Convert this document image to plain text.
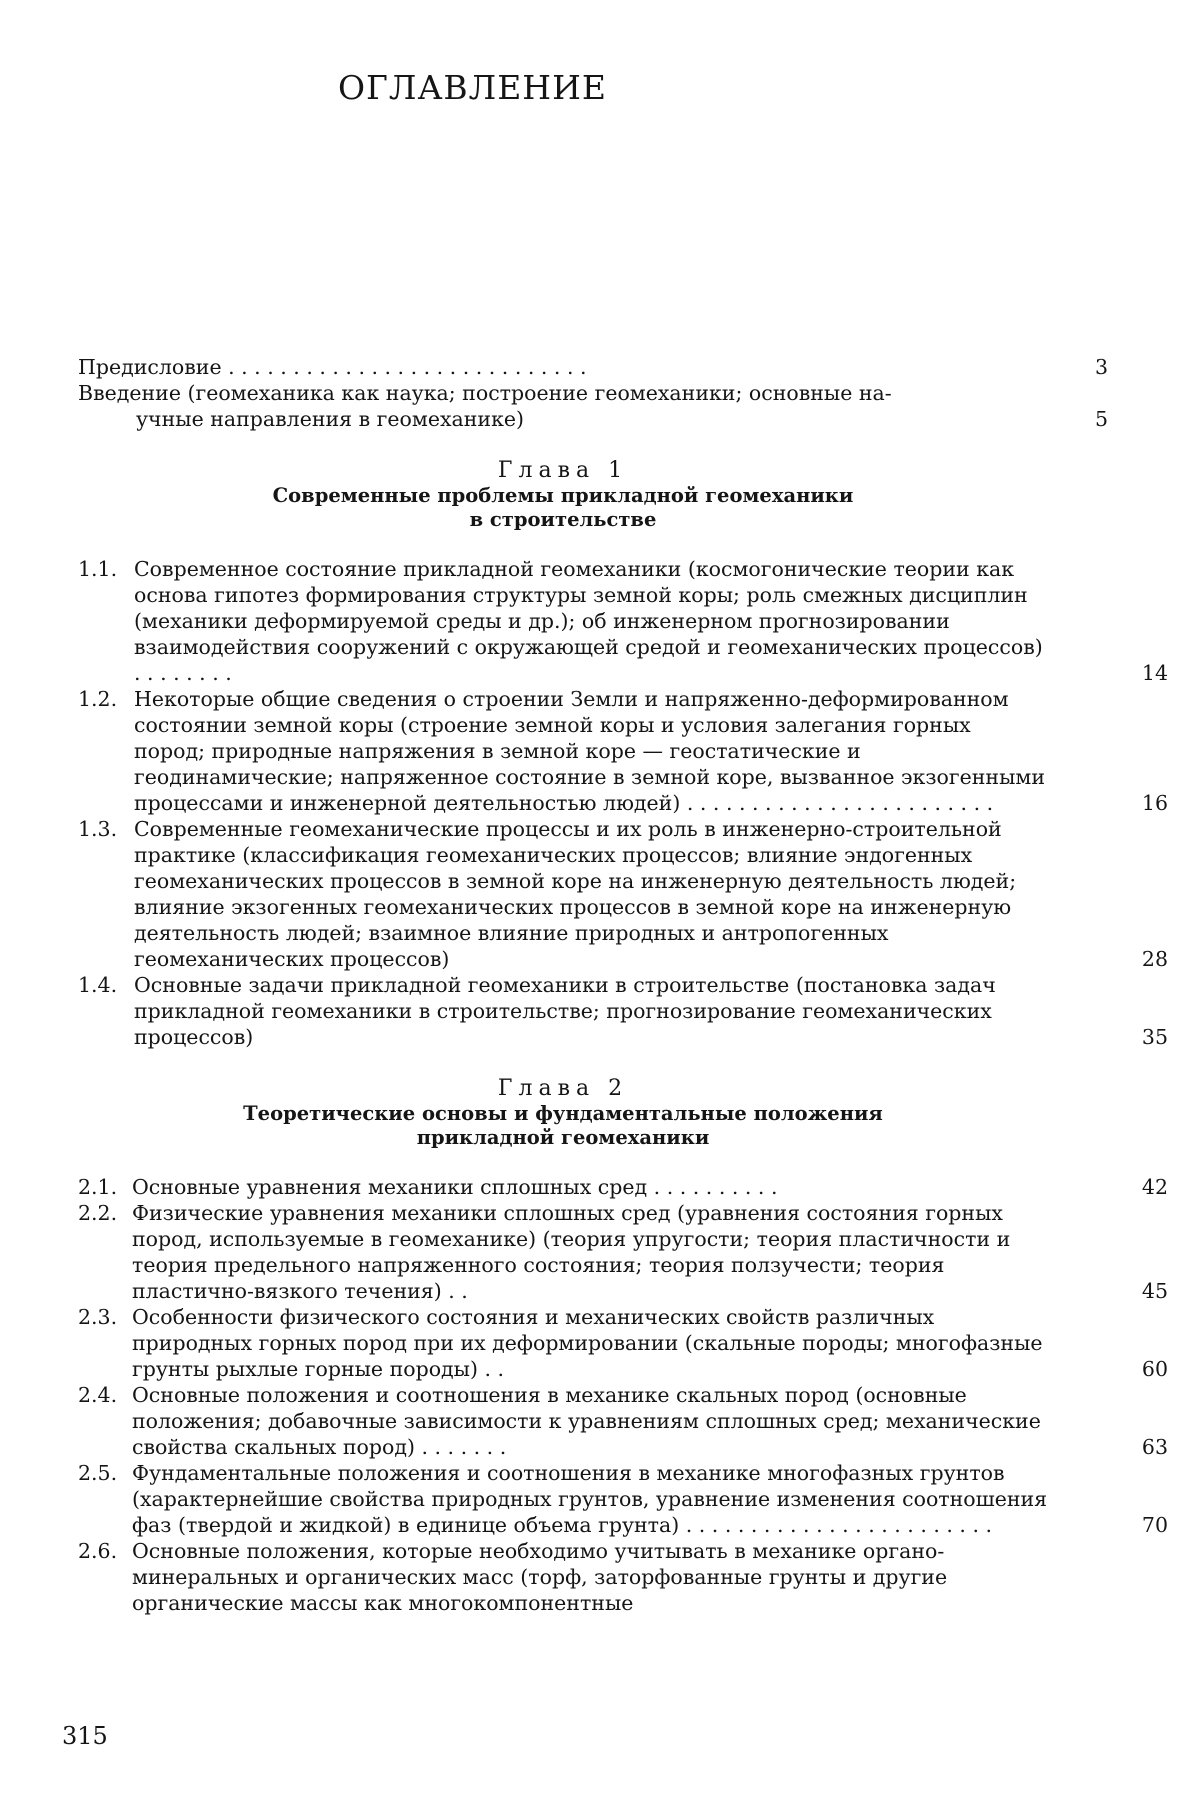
ОГЛАВЛЕНИЕ
Предисловие . . . . . . . . . . . . . . . . . . . . . . . . . . . .	3
Введение (геомеханика как наука; построение геомеханики; основные на-
учные направления в геомеханике)	5
Глава 1
Современные проблемы прикладной геомеханики
в строительстве
1.1. Современное состояние прикладной геомеханики (космогонические теории как основа гипотез формирования структуры земной коры; роль смежных дисциплин (механики деформируемой среды и др.); об инженерном прогнозировании взаимодействия сооружений с окружающей средой и геомеханических процессов) . . . . . . . .	14
1.2. Некоторые общие сведения о строении Земли и напряженно-деформированном состоянии земной коры (строение земной коры и условия залегания горных пород; природные напряжения в земной коре — геостатические и геодинамические; напряженное состояние в земной коре, вызванное экзогенными процессами и инженерной деятельностью людей) . . . . . . . . . . . . . . . . . . . . . . . .	16
1.3. Современные геомеханические процессы и их роль в инженерно-строительной практике (классификация геомеханических процессов; влияние эндогенных геомеханических процессов в земной коре на инженерную деятельность людей; влияние экзогенных геомеханических процессов в земной коре на инженерную деятельность людей; взаимное влияние природных и антропогенных геомеханических процессов)	28
1.4. Основные задачи прикладной геомеханики в строительстве (постановка задач прикладной геомеханики в строительстве; прогнозирование геомеханических процессов)	35
Глава 2
Теоретические основы и фундаментальные положения
прикладной геомеханики
2.1. Основные уравнения механики сплошных сред . . . . . . . . . .	42
2.2. Физические уравнения механики сплошных сред (уравнения состояния горных пород, используемые в геомеханике) (теория упругости; теория пластичности и теория предельного напряженного состояния; теория ползучести; теория пластично-вязкого течения) . .	45
2.3. Особенности физического состояния и механических свойств различных природных горных пород при их деформировании (скальные породы; многофазные грунты рыхлые горные породы) . .	60
2.4. Основные положения и соотношения в механике скальных пород (основные положения; добавочные зависимости к уравнениям сплошных сред; механические свойства скальных пород) . . . . . . .	63
2.5. Фундаментальные положения и соотношения в механике многофазных грунтов (характернейшие свойства природных грунтов, уравнение изменения соотношения фаз (твердой и жидкой) в единице объема грунта) . . . . . . . . . . . . . . . . . . . . . . . .	70
2.6. Основные положения, которые необходимо учитывать в механике органо-минеральных и органических масс (торф, заторфованные грунты и другие органические массы как многокомпонентные
315
